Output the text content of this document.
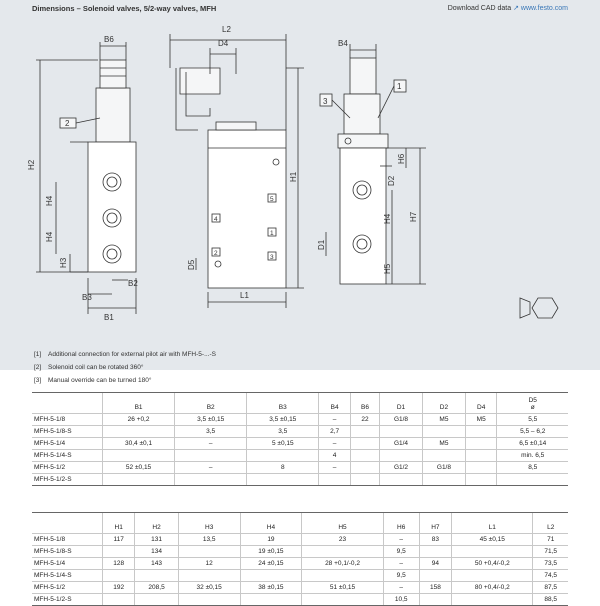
Dimensions – Solenoid valves, 5/2-way valves, MFH	Download CAD data ↗ www.festo.com
B6
L2
D4	B4
H2
H1
H7
H4
H4
H3
H5
H6
H4
D1
D2
D5
B1
B2
B3	L1
2
3
1
5
4
1
2
3
[1] Additional connection for external pilot air with MFH-5-...-S
[2] Solenoid coil can be rotated 360°
[3] Manual override can be turned 180°
	B1	B2	B3	B4	B6	D1	D2	D4	D5
ø
MFH-5-1/8	26 +0,2	3,5 ±0,15	3,5 ±0,15	–	22	G1/8	M5	M5	5,5
MFH-5-1/8-S		3,5	3,5	2,7					5,5 – 6,2
MFH-5-1/4	30,4 ±0,1	–	5 ±0,15	–		G1/4	M5		6,5 ±0,14
MFH-5-1/4-S				4					min. 6,5
MFH-5-1/2	52 ±0,15	–	8	–		G1/2	G1/8		8,5
MFH-5-1/2-S									
	H1	H2	H3	H4	H5	H6	H7	L1	L2
MFH-5-1/8	117	131	13,5	19	23	–	83	45 ±0,15	71
MFH-5-1/8-S		134		19 ±0,15		9,5			71,5
MFH-5-1/4	128	143	12	24 ±0,15	28 +0,1/-0,2	–	94	50 +0,4/-0,2	73,5
MFH-5-1/4-S						9,5			74,5
MFH-5-1/2	192	208,5	32 ±0,15	38 ±0,15	51 ±0,15	–	158	80 +0,4/-0,2	87,5
MFH-5-1/2-S						10,5			88,5
